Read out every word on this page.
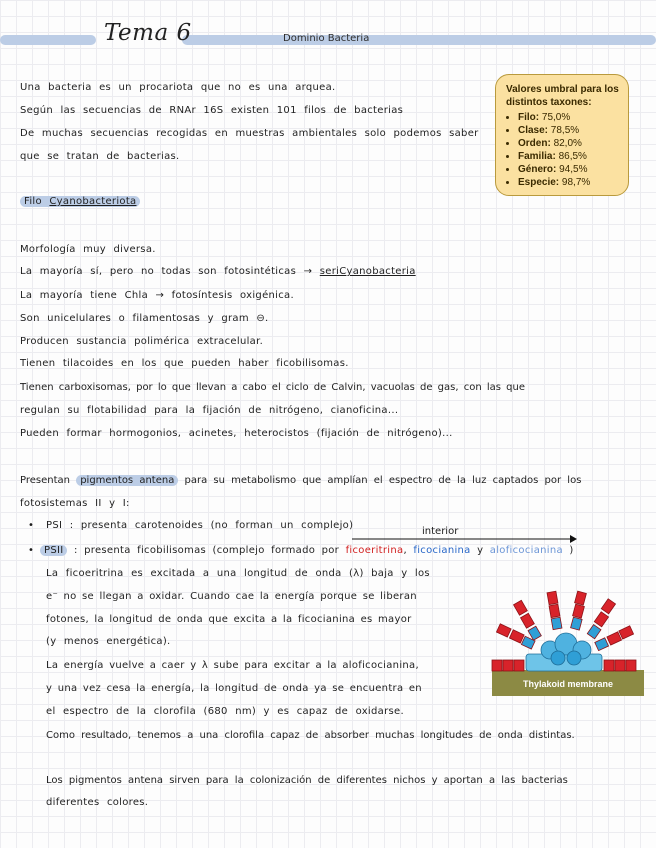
Tema 6	Dominio Bacteria
Una bacteria es un procariota que no es una arquea.
Según las secuencias de RNAr 16S existen 101 filos de bacterias
De muchas secuencias recogidas en muestras ambientales solo podemos saber
que se tratan de bacterias.
Valores umbral para los distintos taxones:
• Filo: 75,0%
• Clase: 78,5%
• Orden: 82,0%
• Familia: 86,5%
• Género: 94,5%
• Especie: 98,7%
Filo Cyanobacteriota
Morfología muy diversa.
La mayoría sí, pero no todas son fotosintéticas → seriCyanobacteria
La mayoría tiene Chla → fotosíntesis oxigénica.
Son unicelulares o filamentosas y gram ⊖.
Producen sustancia polimérica extracelular.
Tienen tilacoides en los que pueden haber ficobilisomas.
Tienen carboxisomas, por lo que llevan a cabo el ciclo de Calvin, vacuolas de gas, con las que
regulan su flotabilidad para la fijación de nitrógeno, cianoficina...
Pueden formar hormogonios, acinetes, heterocistos (fijación de nitrógeno)...
Presentan pigmentos antena para su metabolismo que amplían el espectro de la luz captados por los
fotosistemas II y I:
• PSI : presenta carotenoides (no forman un complejo)
interior
•	PSII : presenta ficobilisomas (complejo formado por ficoeritrina, ficocianina y aloficocianina )
La ficoeritrina es excitada a una longitud de onda (λ) baja y los
e⁻ no se llegan a oxidar. Cuando cae la energía porque se liberan
fotones, la longitud de onda que excita a la ficocianina es mayor
(y menos energética).
La energía vuelve a caer y λ sube para excitar a la aloficocianina,
y una vez cesa la energía, la longitud de onda ya se encuentra en
el espectro de la clorofila (680 nm) y es capaz de oxidarse.
Como resultado, tenemos a una clorofila capaz de absorber muchas longitudes de onda distintas.
Los pigmentos antena sirven para la colonización de diferentes nichos y aportan a las bacterias
diferentes colores.
Thylakoid membrane
